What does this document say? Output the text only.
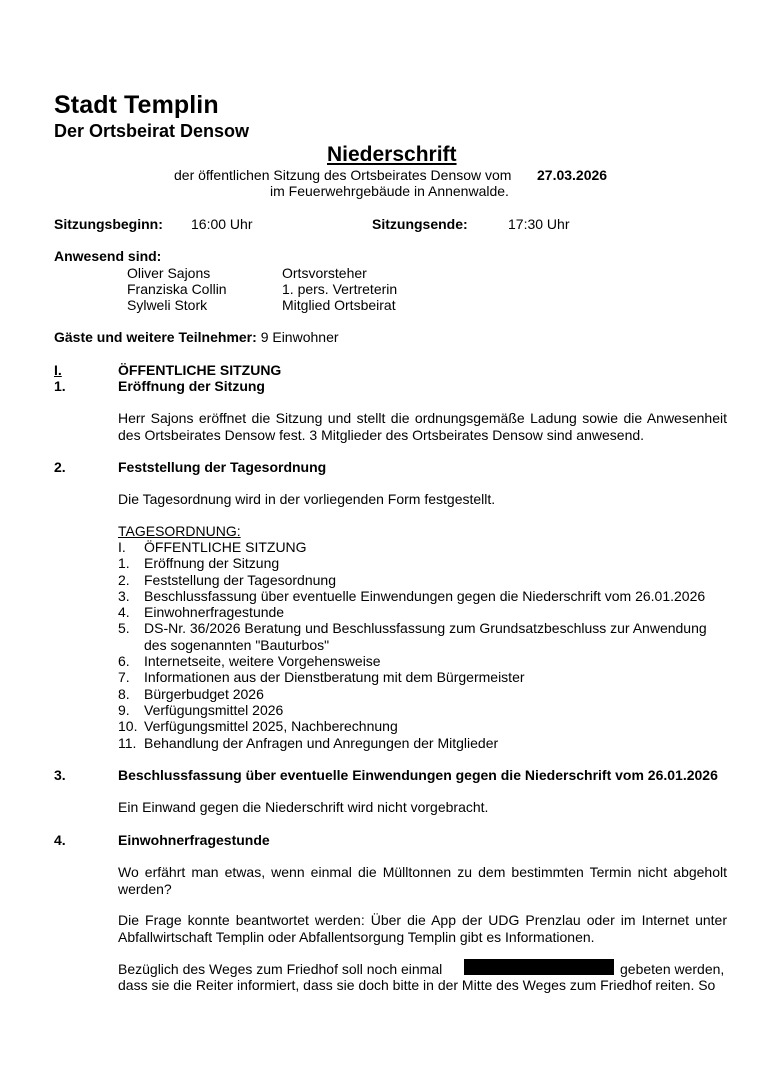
Stadt Templin
Der Ortsbeirat Densow
Niederschrift
der öffentlichen Sitzung des Ortsbeirates Densow vom 27.03.2026
im Feuerwehrgebäude in Annenwalde.
Sitzungsbeginn: 16:00 Uhr	Sitzungsende:	17:30 Uhr
Anwesend sind:
Oliver Sajons	Ortsvorsteher
Franziska Collin	1. pers. Vertreterin
Sylweli Stork	Mitglied Ortsbeirat
Gäste und weitere Teilnehmer: 9 Einwohner
I.	ÖFFENTLICHE SITZUNG
1.	Eröffnung der Sitzung
Herr Sajons eröffnet die Sitzung und stellt die ordnungsgemäße Ladung sowie die Anwesenheit des Ortsbeirates Densow fest. 3 Mitglieder des Ortsbeirates Densow sind anwesend.
2.	Feststellung der Tagesordnung
Die Tagesordnung wird in der vorliegenden Form festgestellt.
TAGESORDNUNG:
I.	ÖFFENTLICHE SITZUNG
1.	Eröffnung der Sitzung
2.	Feststellung der Tagesordnung
3.	Beschlussfassung über eventuelle Einwendungen gegen die Niederschrift vom 26.01.2026
4.	Einwohnerfragestunde
5.	DS-Nr. 36/2026 Beratung und Beschlussfassung zum Grundsatzbeschluss zur Anwendung des sogenannten "Bauturbos"
6.	Internetseite, weitere Vorgehensweise
7.	Informationen aus der Dienstberatung mit dem Bürgermeister
8.	Bürgerbudget 2026
9.	Verfügungsmittel 2026
10. Verfügungsmittel 2025, Nachberechnung
11. Behandlung der Anfragen und Anregungen der Mitglieder
3.	Beschlussfassung über eventuelle Einwendungen gegen die Niederschrift vom 26.01.2026
Ein Einwand gegen die Niederschrift wird nicht vorgebracht.
4.	Einwohnerfragestunde
Wo erfährt man etwas, wenn einmal die Mülltonnen zu dem bestimmten Termin nicht abgeholt werden?
Die Frage konnte beantwortet werden: Über die App der UDG Prenzlau oder im Internet unter Abfallwirtschaft Templin oder Abfallentsorgung Templin gibt es Informationen.
Bezüglich des Weges zum Friedhof soll noch einmal	gebeten werden,
dass sie die Reiter informiert, dass sie doch bitte in der Mitte des Weges zum Friedhof reiten. So
